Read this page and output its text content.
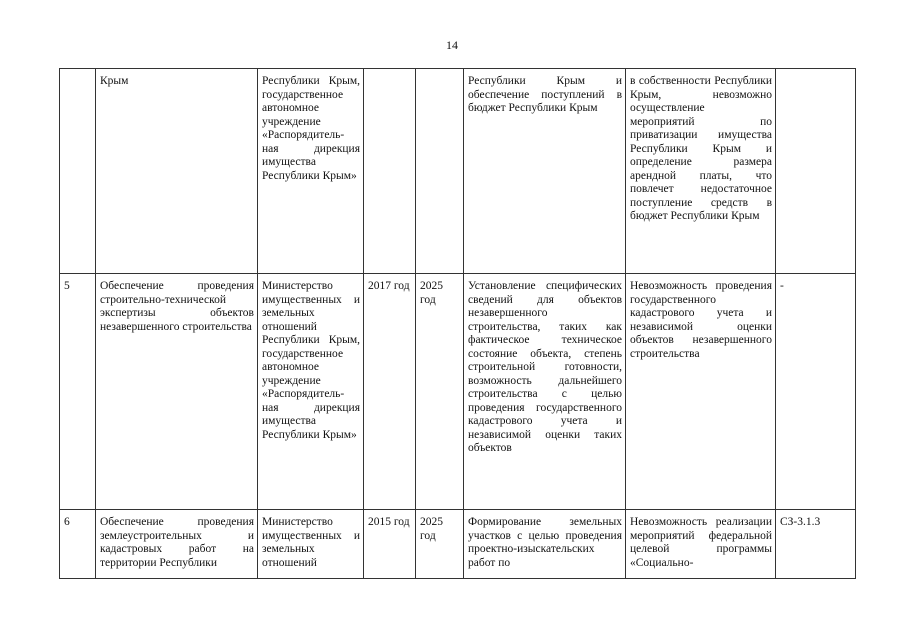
14
	Крым	Республики Крым, государственное автономное учреждение «Распорядитель-ная дирекция имущества Республики Крым»			Республики Крым и обеспечение поступлений в бюджет Республики Крым	в собственности Республики Крым, невозможно осуществление мероприятий по приватизации имущества Республики Крым и определение размера арендной платы, что повлечет недостаточное поступление средств в бюджет Республики Крым	
5	Обеспечение проведения строительно-технической экспертизы объектов незавершенного строительства	Министерство имущественных и земельных отношений Республики Крым, государственное автономное учреждение «Распорядитель-ная дирекция имущества Республики Крым»	2017 год	2025 год	Установление специфических сведений для объектов незавершенного строительства, таких как фактическое техническое состояние объекта, степень строительной готовности, возможность дальнейшего строительства с целью проведения государственного кадастрового учета и независимой оценки таких объектов	Невозможность проведения государственного кадастрового учета и независимой оценки объектов незавершенного строительства	-
6	Обеспечение проведения землеустроительных и кадастровых работ на территории Республики	Министерство имущественных и земельных отношений	2015 год	2025 год	Формирование земельных участков с целью проведения проектно-изыскательских работ по	Невозможность реализации мероприятий федеральной целевой программы «Социально-	СЗ-3.1.3
